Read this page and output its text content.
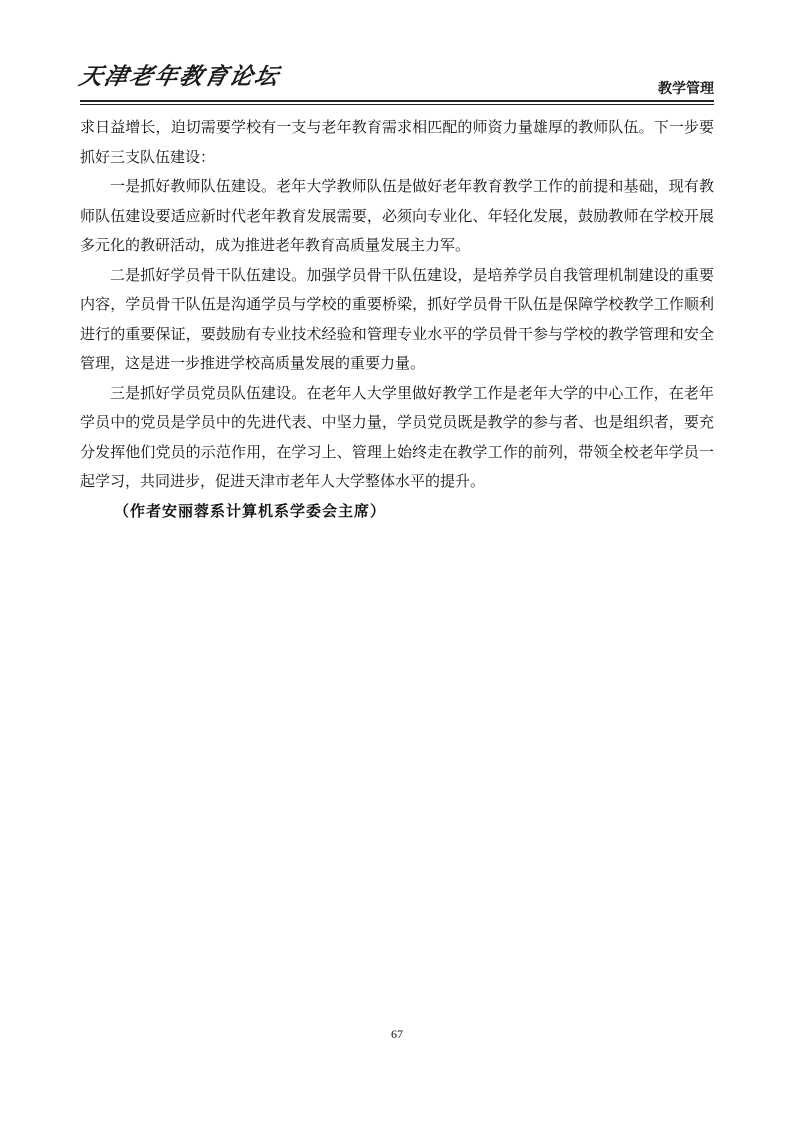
天津老年教育论坛	教学管理

求日益增长，迫切需要学校有一支与老年教育需求相匹配的师资力量雄厚的教师队伍。下一步要抓好三支队伍建设：

一是抓好教师队伍建设。老年大学教师队伍是做好老年教育教学工作的前提和基础，现有教师队伍建设要适应新时代老年教育发展需要，必须向专业化、年轻化发展，鼓励教师在学校开展多元化的教研活动，成为推进老年教育高质量发展主力军。

二是抓好学员骨干队伍建设。加强学员骨干队伍建设，是培养学员自我管理机制建设的重要内容，学员骨干队伍是沟通学员与学校的重要桥梁，抓好学员骨干队伍是保障学校教学工作顺利进行的重要保证，要鼓励有专业技术经验和管理专业水平的学员骨干参与学校的教学管理和安全管理，这是进一步推进学校高质量发展的重要力量。

三是抓好学员党员队伍建设。在老年人大学里做好教学工作是老年大学的中心工作，在老年学员中的党员是学员中的先进代表、中坚力量，学员党员既是教学的参与者、也是组织者，要充分发挥他们党员的示范作用，在学习上、管理上始终走在教学工作的前列，带领全校老年学员一起学习，共同进步，促进天津市老年人大学整体水平的提升。

（作者安丽蓉系计算机系学委会主席）

67
